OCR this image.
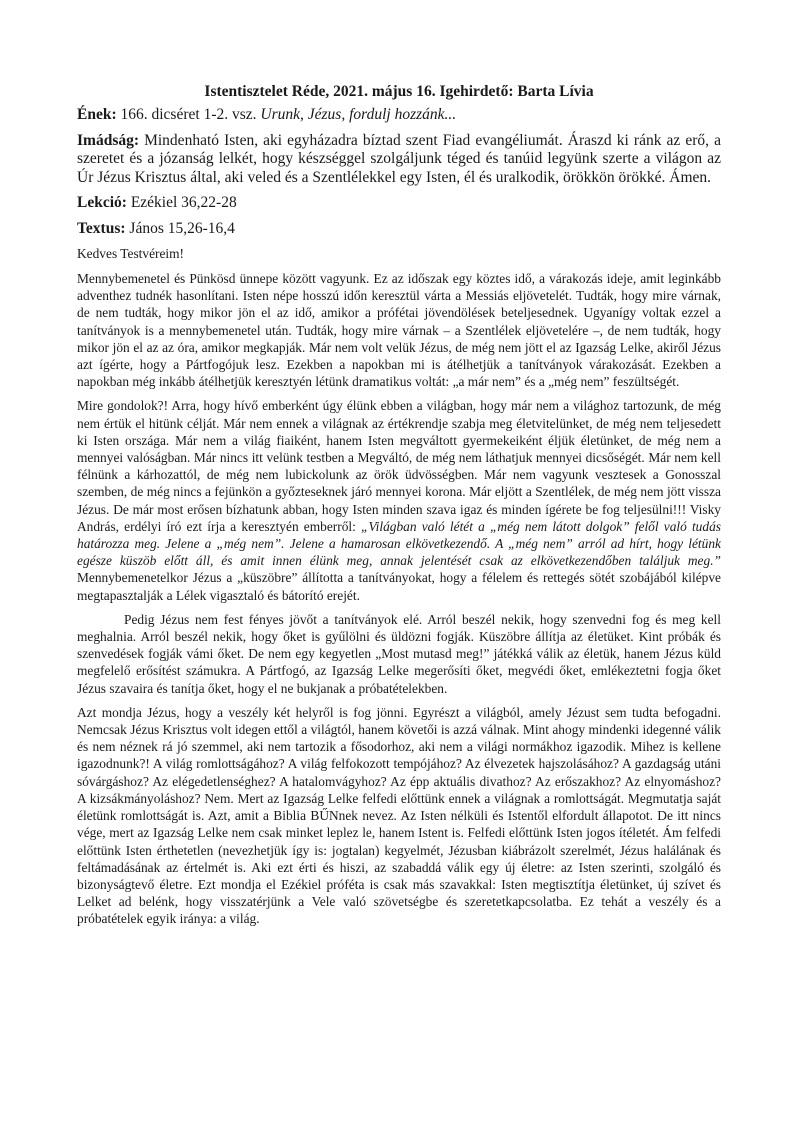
Istentisztelet Réde, 2021. május 16. Igehirdető: Barta Lívia

Ének: 166. dicséret 1-2. vsz. Urunk, Jézus, fordulj hozzánk...

Imádság: Mindenható Isten, aki egyházadra bíztad szent Fiad evangéliumát. Áraszd ki ránk az erő, a szeretet és a józanság lelkét, hogy készséggel szolgáljunk téged és tanúid legyünk szerte a világon az Úr Jézus Krisztus által, aki veled és a Szentlélekkel egy Isten, él és uralkodik, örökkön örökké. Ámen.

Lekció: Ezékiel 36,22-28

Textus: János 15,26-16,4

Kedves Testvéreim!

Mennybemenetel és Pünkösd ünnepe között vagyunk. Ez az időszak egy köztes idő, a várakozás ideje, amit leginkább adventhez tudnék hasonlítani. Isten népe hosszú időn keresztül várta a Messiás eljövetelét. Tudták, hogy mire várnak, de nem tudták, hogy mikor jön el az idő, amikor a prófétai jövendölések beteljesednek. Ugyanígy voltak ezzel a tanítványok is a mennybemenetel után. Tudták, hogy mire várnak – a Szentlélek eljövetelére –, de nem tudták, hogy mikor jön el az az óra, amikor megkapják. Már nem volt velük Jézus, de még nem jött el az Igazság Lelke, akiről Jézus azt ígérte, hogy a Pártfogójuk lesz. Ezekben a napokban mi is átélhetjük a tanítványok várakozását. Ezekben a napokban még inkább átélhetjük keresztyén létünk dramatikus voltát: „a már nem” és a „még nem” feszültségét.

Mire gondolok?! Arra, hogy hívő emberként úgy élünk ebben a világban, hogy már nem a világhoz tartozunk, de még nem értük el hitünk célját. Már nem ennek a világnak az értékrendje szabja meg életvitelünket, de még nem teljesedett ki Isten országa. Már nem a világ fiaiként, hanem Isten megváltott gyermekeiként éljük életünket, de még nem a mennyei valóságban. Már nincs itt velünk testben a Megváltó, de még nem láthatjuk mennyei dicsőségét. Már nem kell félnünk a kárhozattól, de még nem lubickolunk az örök üdvösségben. Már nem vagyunk vesztesek a Gonosszal szemben, de még nincs a fejünkön a győzteseknek járó mennyei korona. Már eljött a Szentlélek, de még nem jött vissza Jézus. De már most erősen bízhatunk abban, hogy Isten minden szava igaz és minden ígérete be fog teljesülni!!! Visky András, erdélyi író ezt írja a keresztyén emberről: „Világban való létét a „még nem látott dolgok” felől való tudás határozza meg. Jelene a „még nem”. Jelene a hamarosan elkövetkezendő. A „még nem” arról ad hírt, hogy létünk egésze küszöb előtt áll, és amit innen élünk meg, annak jelentését csak az elkövetkezendőben találjuk meg.” Mennybemenetelkor Jézus a „küszöbre” állította a tanítványokat, hogy a félelem és rettegés sötét szobájából kilépve megtapasztalják a Lélek vigasztaló és bátorító erejét.

Pedig Jézus nem fest fényes jövőt a tanítványok elé. Arról beszél nekik, hogy szenvedni fog és meg kell meghalnia. Arról beszél nekik, hogy őket is gyűlölni és üldözni fogják. Küszöbre állítja az életüket. Kint próbák és szenvedések fogják vámi őket. De nem egy kegyetlen „Most mutasd meg!” játékká válik az életük, hanem Jézus küld megfelelő erősítést számukra. A Pártfogó, az Igazság Lelke megerősíti őket, megvédi őket, emlékeztetni fogja őket Jézus szavaira és tanítja őket, hogy el ne bukjanak a próbatételekben.

Azt mondja Jézus, hogy a veszély két helyről is fog jönni. Egyrészt a világból, amely Jézust sem tudta befogadni. Nemcsak Jézus Krisztus volt idegen ettől a világtól, hanem követői is azzá válnak. Mint ahogy mindenki idegenné válik és nem néznek rá jó szemmel, aki nem tartozik a fősodorhoz, aki nem a világi normákhoz igazodik. Mihez is kellene igazodnunk?! A világ romlottságához? A világ felfokozott tempójához? Az élvezetek hajszolásához? A gazdagság utáni sóvárgáshoz? Az elégedetlenséghez? A hatalomvágyhoz? Az épp aktuális divathoz? Az erőszakhoz? Az elnyomáshoz? A kizsákmányoláshoz? Nem. Mert az Igazság Lelke felfedi előttünk ennek a világnak a romlottságát. Megmutatja saját életünk romlottságát is. Azt, amit a Biblia BŰNnek nevez. Az Isten nélküli és Istentől elfordult állapotot. De itt nincs vége, mert az Igazság Lelke nem csak minket leplez le, hanem Istent is. Felfedi előttünk Isten jogos ítéletét. Ám felfedi előttünk Isten érthetetlen (nevezhetjük így is: jogtalan) kegyelmét, Jézusban kiábrázolt szerelmét, Jézus halálának és feltámadásának az értelmét is. Aki ezt érti és hiszi, az szabaddá válik egy új életre: az Isten szerinti, szolgáló és bizonyságtevő életre. Ezt mondja el Ezékiel próféta is csak más szavakkal: Isten megtisztítja életünket, új szívet és Lelket ad belénk, hogy visszatérjünk a Vele való szövetségbe és szeretetkapcsolatba. Ez tehát a veszély és a próbatételek egyik iránya: a világ.
